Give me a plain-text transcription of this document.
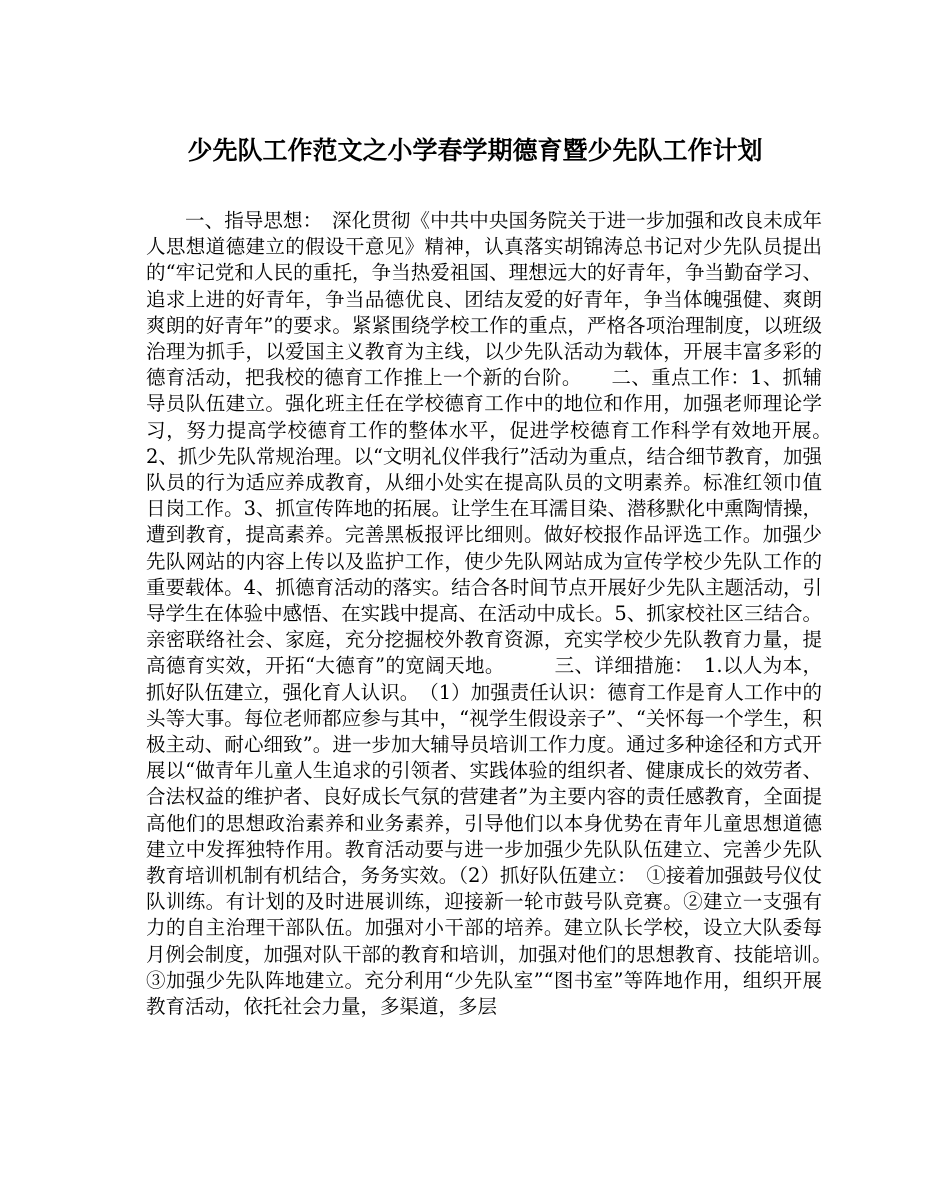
少先队工作范文之小学春学期德育暨少先队工作计划

一、指导思想：　深化贯彻《中共中央国务院关于进一步加强和改良未成年人思想道德建立的假设干意见》精神，认真落实胡锦涛总书记对少先队员提出的“牢记党和人民的重托，争当热爱祖国、理想远大的好青年，争当勤奋学习、追求上进的好青年，争当品德优良、团结友爱的好青年，争当体魄强健、爽朗爽朗的好青年”的要求。紧紧围绕学校工作的重点，严格各项治理制度，以班级治理为抓手，以爱国主义教育为主线，以少先队活动为载体，开展丰富多彩的德育活动，把我校的德育工作推上一个新的台阶。　　二、重点工作：1、抓辅导员队伍建立。强化班主任在学校德育工作中的地位和作用，加强老师理论学习，努力提高学校德育工作的整体水平，促进学校德育工作科学有效地开展。　2、抓少先队常规治理。以“文明礼仪伴我行”活动为重点，结合细节教育，加强队员的行为适应养成教育，从细小处实在提高队员的文明素养。标准红领巾值日岗工作。3、抓宣传阵地的拓展。让学生在耳濡目染、潜移默化中熏陶情操，遭到教育，提高素养。完善黑板报评比细则。做好校报作品评选工作。加强少先队网站的内容上传以及监护工作，使少先队网站成为宣传学校少先队工作的重要载体。4、抓德育活动的落实。结合各时间节点开展好少先队主题活动，引导学生在体验中感悟、在实践中提高、在活动中成长。5、抓家校社区三结合。亲密联络社会、家庭，充分挖掘校外教育资源，充实学校少先队教育力量，提高德育实效，开拓“大德育”的宽阔天地。　　　三、详细措施：　1.以人为本，抓好队伍建立，强化育人认识。　（1）加强责任认识：德育工作是育人工作中的头等大事。每位老师都应参与其中，“视学生假设亲子”、“关怀每一个学生，积极主动、耐心细致”。进一步加大辅导员培训工作力度。通过多种途径和方式开展以“做青年儿童人生追求的引领者、实践体验的组织者、健康成长的效劳者、合法权益的维护者、良好成长气氛的营建者”为主要内容的责任感教育，全面提高他们的思想政治素养和业务素养，引导他们以本身优势在青年儿童思想道德建立中发挥独特作用。教育活动要与进一步加强少先队队伍建立、完善少先队教育培训机制有机结合，务务实效。（2）抓好队伍建立：　①接着加强鼓号仪仗队训练。有计划的及时进展训练，迎接新一轮市鼓号队竞赛。②建立一支强有力的自主治理干部队伍。加强对小干部的培养。建立队长学校，设立大队委每月例会制度，加强对队干部的教育和培训，加强对他们的思想教育、技能培训。　　③加强少先队阵地建立。充分利用“少先队室”“图书室”等阵地作用，组织开展教育活动，依托社会力量，多渠道，多层
